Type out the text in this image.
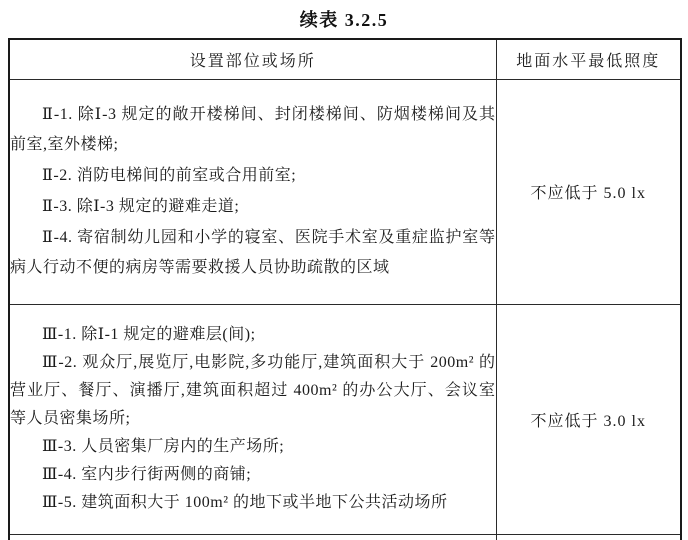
续表 3.2.5
设置部位或场所	地面水平最低照度

Ⅱ-1. 除Ⅰ-3 规定的敞开楼梯间、封闭楼梯间、防烟楼梯间及其前室,室外楼梯;

Ⅱ-2. 消防电梯间的前室或合用前室;

Ⅱ-3. 除Ⅰ-3 规定的避难走道;

Ⅱ-4. 寄宿制幼儿园和小学的寝室、医院手术室及重症监护室等病人行动不便的病房等需要救援人员协助疏散的区域	不应低于 5.0 lx

Ⅲ-1. 除Ⅰ-1 规定的避难层(间);

Ⅲ-2. 观众厅,展览厅,电影院,多功能厅,建筑面积大于 200m² 的营业厅、餐厅、演播厅,建筑面积超过 400m² 的办公大厅、会议室等人员密集场所;

Ⅲ-3. 人员密集厂房内的生产场所;

Ⅲ-4. 室内步行街两侧的商铺;

Ⅲ-5. 建筑面积大于 100m² 的地下或半地下公共活动场所	不应低于 3.0 lx
